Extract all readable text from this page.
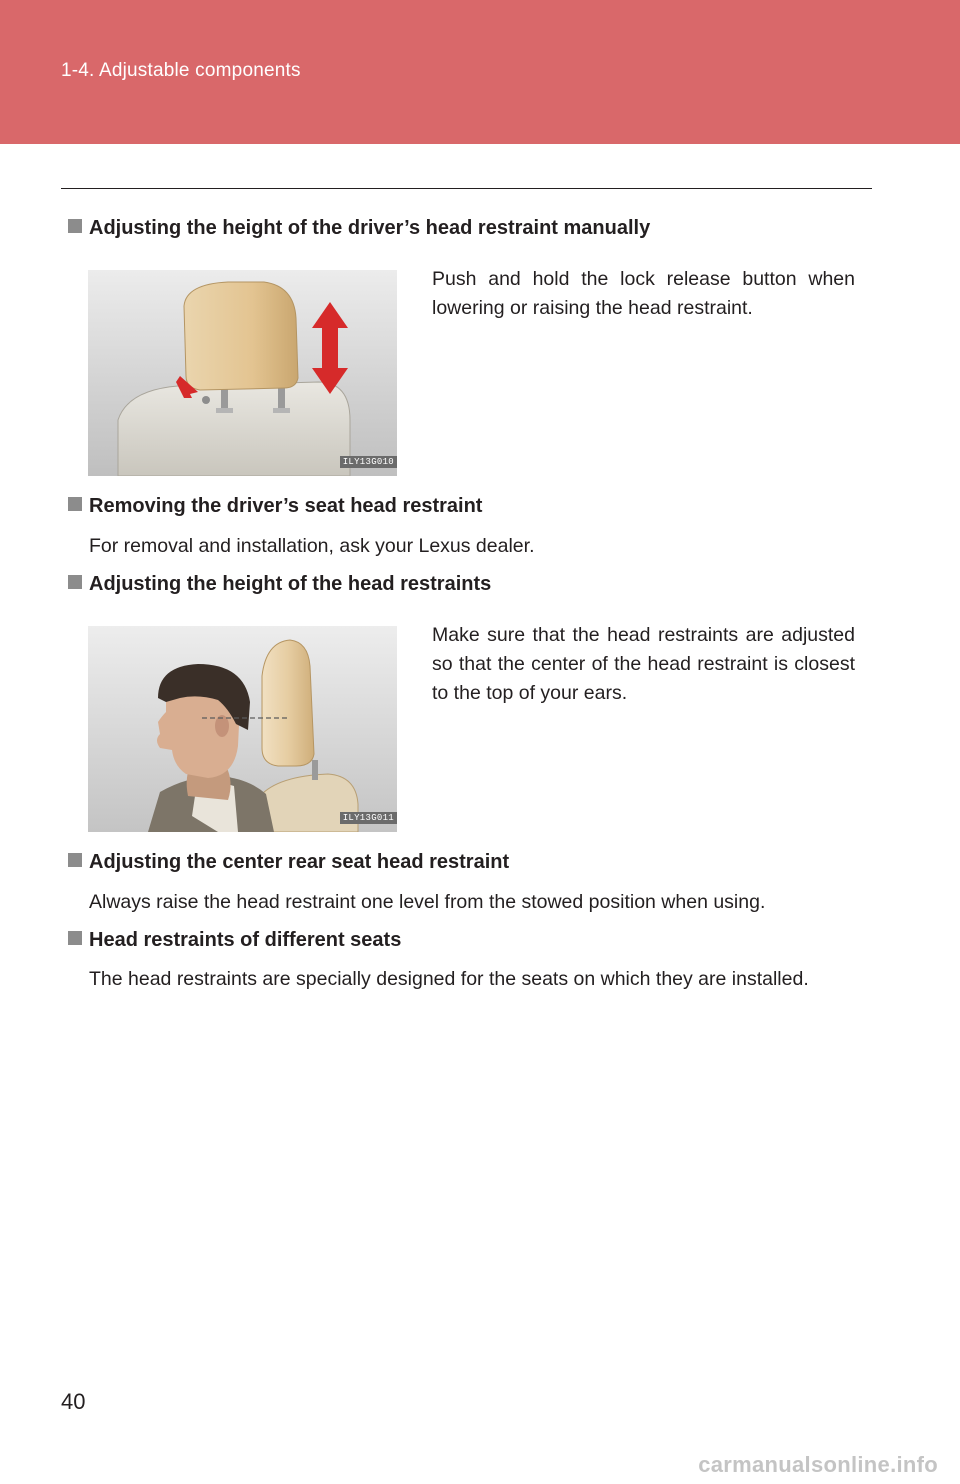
1-4. Adjustable components
Adjusting the height of the driver’s head restraint manually
ILY13G010
Push and hold the lock release button when lowering or raising the head restraint.
Removing the driver’s seat head restraint
For removal and installation, ask your Lexus dealer.
Adjusting the height of the head restraints
ILY13G011
Make sure that the head restraints are adjusted so that the center of the head restraint is closest to the top of your ears.
Adjusting the center rear seat head restraint
Always raise the head restraint one level from the stowed position when using.
Head restraints of different seats
The head restraints are specially designed for the seats on which they are installed.
40
carmanualsonline.info
